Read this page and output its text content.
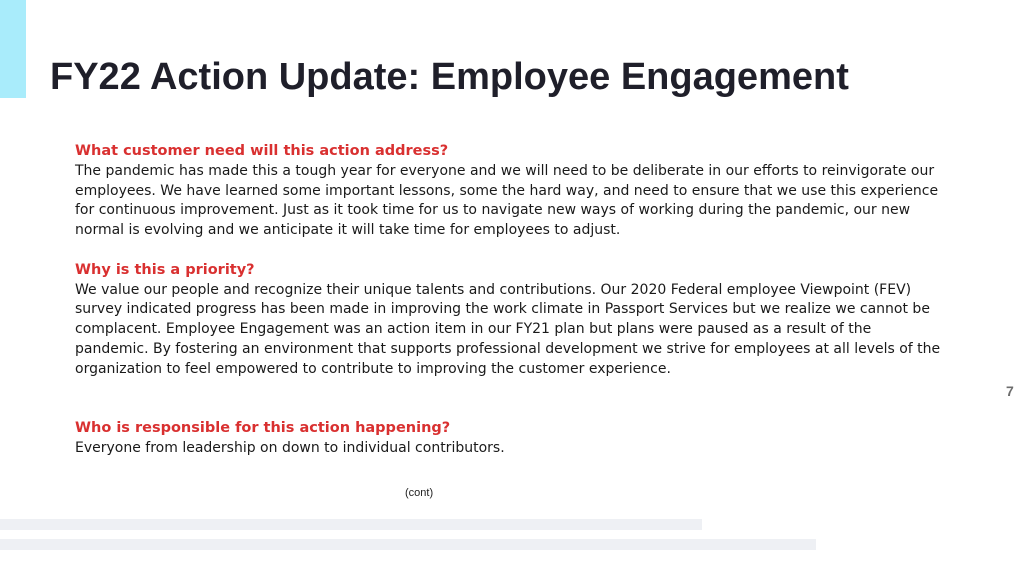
FY22 Action Update: Employee Engagement
What customer need will this action address?
The pandemic has made this a tough year for everyone and we will need to be deliberate in our efforts to reinvigorate our employees. We have learned some important lessons, some the hard way, and need to ensure that we use this experience for continuous improvement. Just as it took time for us to navigate new ways of working during the pandemic, our new normal is evolving and we anticipate it will take time for employees to adjust.
Why is this a priority?
We value our people and recognize their unique talents and contributions. Our 2020 Federal employee Viewpoint (FEV) survey indicated progress has been made in improving the work climate in Passport Services but we realize we cannot be complacent. Employee Engagement was an action item in our FY21 plan but plans were paused as a result of the pandemic. By fostering an environment that supports professional development we strive for employees at all levels of the organization to feel empowered to contribute to improving the customer experience.
Who is responsible for this action happening?
Everyone from leadership on down to individual contributors.
7
(cont)
